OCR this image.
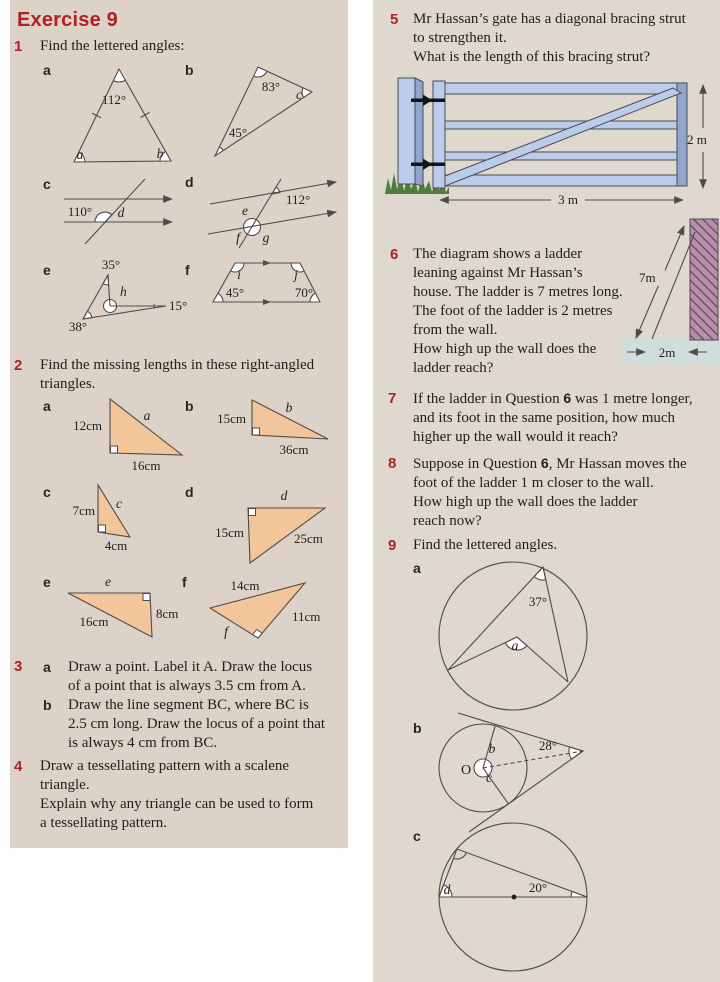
Exercise 9
1 Find the lettered angles:
a	b
112°
a	b
83°
c
45°
c	d
110° d
112°
e
f g
e	f
35°
h
15°
38°
i	j
45°	70°
2 Find the missing lengths in these right-angled
triangles.
a	b
12cm
a
16cm
15cm
b
36cm
c	d
7cm c
4cm
d
15cm	25cm
e	f
e
8cm
16cm
14cm
11cm
f
3 a Draw a point. Label it A. Draw the locus
of a point that is always 3.5 cm from A.
b Draw the line segment BC, where BC is
2.5 cm long. Draw the locus of a point that
is always 4 cm from BC.
4 Draw a tessellating pattern with a scalene
triangle.
Explain why any triangle can be used to form
a tessellating pattern.
5 Mr Hassan’s gate has a diagonal bracing strut
to strengthen it.
What is the length of this bracing strut?
2 m
3 m
6 The diagram shows a ladder
leaning against Mr Hassan’s
house. The ladder is 7 metres long.
The foot of the ladder is 2 metres
from the wall.
How high up the wall does the
ladder reach?
7m
2m
7 If the ladder in Question 6 was 1 metre longer,
and its foot in the same position, how much
higher up the wall would it reach?
8 Suppose in Question 6, Mr Hassan moves the
foot of the ladder 1 m closer to the wall.
How high up the wall does the ladder
reach now?
9 Find the lettered angles.
a
37°
a
b
O
b
c
28°
c
d	20°
